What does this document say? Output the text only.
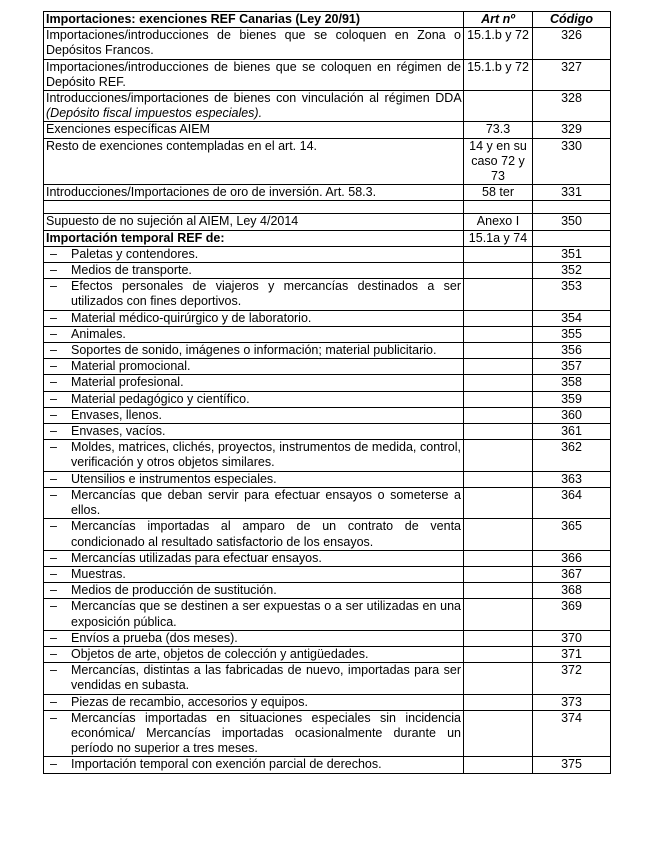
Importaciones: exenciones REF Canarias (Ley 20/91)	Art nº	Código
Importaciones/introducciones de bienes que se coloquen en Zona o Depósitos Francos.	15.1.b y 72	326
Importaciones/introducciones de bienes que se coloquen en régimen de Depósito REF.	15.1.b y 72	327
Introducciones/importaciones de bienes con vinculación al régimen DDA (Depósito fiscal impuestos especiales).		328
Exenciones específicas AIEM	73.3	329
Resto de exenciones contempladas en el art. 14.	14 y en su caso 72 y 73	330
Introducciones/Importaciones de oro de inversión. Art. 58.3.	58 ter	331

Supuesto de no sujeción al AIEM, Ley 4/2014	Anexo I	350
Importación temporal REF de:	15.1a y 74	

– Paletas y contendores.		351

– Medios de transporte.		352

– Efectos personales de viajeros y mercancías destinados a ser utilizados con fines deportivos.		353

– Material médico-quirúrgico y de laboratorio.		354

– Animales.		355

– Soportes de sonido, imágenes o información; material publicitario.		356

– Material promocional.		357

– Material profesional.		358

– Material pedagógico y científico.		359

– Envases, llenos.		360

– Envases, vacíos.		361

– Moldes, matrices, clichés, proyectos, instrumentos de medida, control, verificación y otros objetos similares.		362

– Utensilios e instrumentos especiales.		363

– Mercancías que deban servir para efectuar ensayos o someterse a ellos.		364

– Mercancías importadas al amparo de un contrato de venta condicionado al resultado satisfactorio de los ensayos.		365

– Mercancías utilizadas para efectuar ensayos.		366

– Muestras.		367

– Medios de producción de sustitución.		368

– Mercancías que se destinen a ser expuestas o a ser utilizadas en una exposición pública.		369

– Envíos a prueba (dos meses).		370

– Objetos de arte, objetos de colección y antigüedades.		371

– Mercancías, distintas a las fabricadas de nuevo, importadas para ser vendidas en subasta.		372

– Piezas de recambio, accesorios y equipos.		373

– Mercancías importadas en situaciones especiales sin incidencia económica/ Mercancías importadas ocasionalmente durante un período no superior a tres meses.		374

– Importación temporal con exención parcial de derechos.		375
